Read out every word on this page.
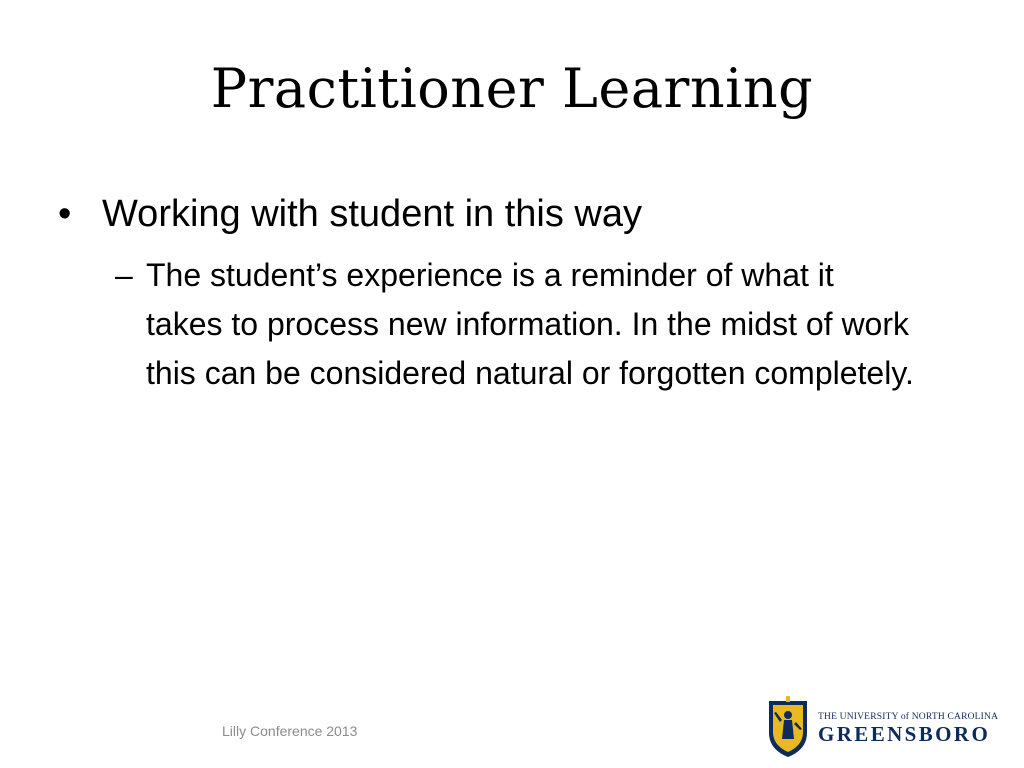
Practitioner Learning
• Working with student in this way
– The student’s experience is a reminder of what it takes to process new information. In the midst of work this can be considered natural or forgotten completely.
Lilly Conference 2013
THE UNIVERSITY of NORTH CAROLINA
GREENSBORO
